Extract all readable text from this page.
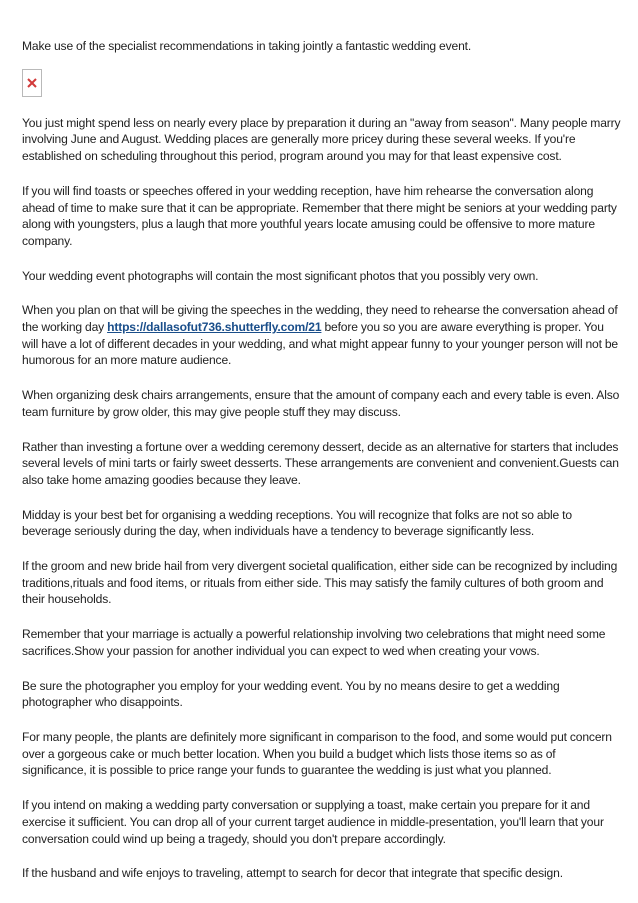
Make use of the specialist recommendations in taking jointly a fantastic wedding event.

You just might spend less on nearly every place by preparation it during an "away from season". Many people marry involving June and August. Wedding places are generally more pricey during these several weeks. If you're established on scheduling throughout this period, program around you may for that least expensive cost.

If you will find toasts or speeches offered in your wedding reception, have him rehearse the conversation along ahead of time to make sure that it can be appropriate. Remember that there might be seniors at your wedding party along with youngsters, plus a laugh that more youthful years locate amusing could be offensive to more mature company.

Your wedding event photographs will contain the most significant photos that you possibly very own.

When you plan on that will be giving the speeches in the wedding, they need to rehearse the conversation ahead of the working day https://dallasofut736.shutterfly.com/21 before you so you are aware everything is proper. You will have a lot of different decades in your wedding, and what might appear funny to your younger person will not be humorous for an more mature audience.

When organizing desk chairs arrangements, ensure that the amount of company each and every table is even. Also team furniture by grow older, this may give people stuff they may discuss.

Rather than investing a fortune over a wedding ceremony dessert, decide as an alternative for starters that includes several levels of mini tarts or fairly sweet desserts. These arrangements are convenient and convenient.Guests can also take home amazing goodies because they leave.

Midday is your best bet for organising a wedding receptions. You will recognize that folks are not so able to beverage seriously during the day, when individuals have a tendency to beverage significantly less.

If the groom and new bride hail from very divergent societal qualification, either side can be recognized by including traditions,rituals and food items, or rituals from either side. This may satisfy the family cultures of both groom and their households.

Remember that your marriage is actually a powerful relationship involving two celebrations that might need some sacrifices.Show your passion for another individual you can expect to wed when creating your vows.

Be sure the photographer you employ for your wedding event. You by no means desire to get a wedding photographer who disappoints.

For many people, the plants are definitely more significant in comparison to the food, and some would put concern over a gorgeous cake or much better location. When you build a budget which lists those items so as of significance, it is possible to price range your funds to guarantee the wedding is just what you planned.

If you intend on making a wedding party conversation or supplying a toast, make certain you prepare for it and exercise it sufficient. You can drop all of your current target audience in middle-presentation, you'll learn that your conversation could wind up being a tragedy, should you don't prepare accordingly.

If the husband and wife enjoys to traveling, attempt to search for decor that integrate that specific design.
